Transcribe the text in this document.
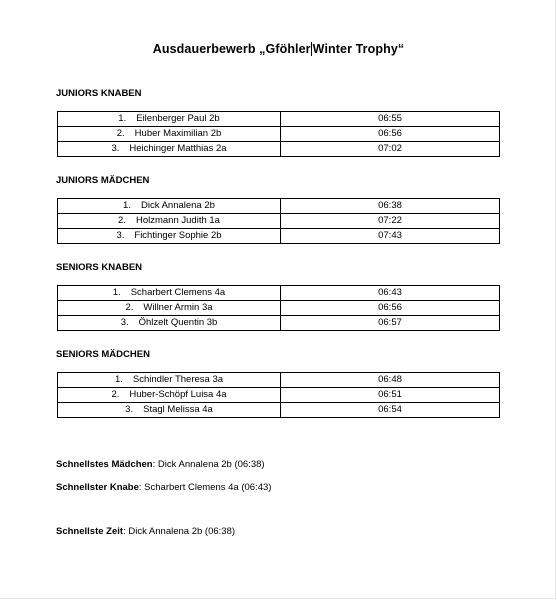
Ausdauerbewerb „Gföhler Winter Trophy“
JUNIORS KNABEN
1. Eilenberger Paul 2b	06:55
2. Huber Maximilian 2b	06:56
3. Heichinger Matthias 2a	07:02
JUNIORS MÄDCHEN
1. Dick Annalena 2b	06:38
2. Holzmann Judith 1a	07:22
3. Fichtinger Sophie 2b	07:43
SENIORS KNABEN
1. Scharbert Clemens 4a	06:43
2. Willner Armin 3a	06:56
3. Öhlzelt Quentin 3b	06:57
SENIORS MÄDCHEN
1. Schindler Theresa 3a	06:48
2. Huber-Schöpf Luisa 4a	06:51
3. Stagl Melissa 4a	06:54
Schnellstes Mädchen: Dick Annalena 2b (06:38)
Schnellster Knabe: Scharbert Clemens 4a (06:43)
Schnellste Zeit: Dick Annalena 2b (06:38)
